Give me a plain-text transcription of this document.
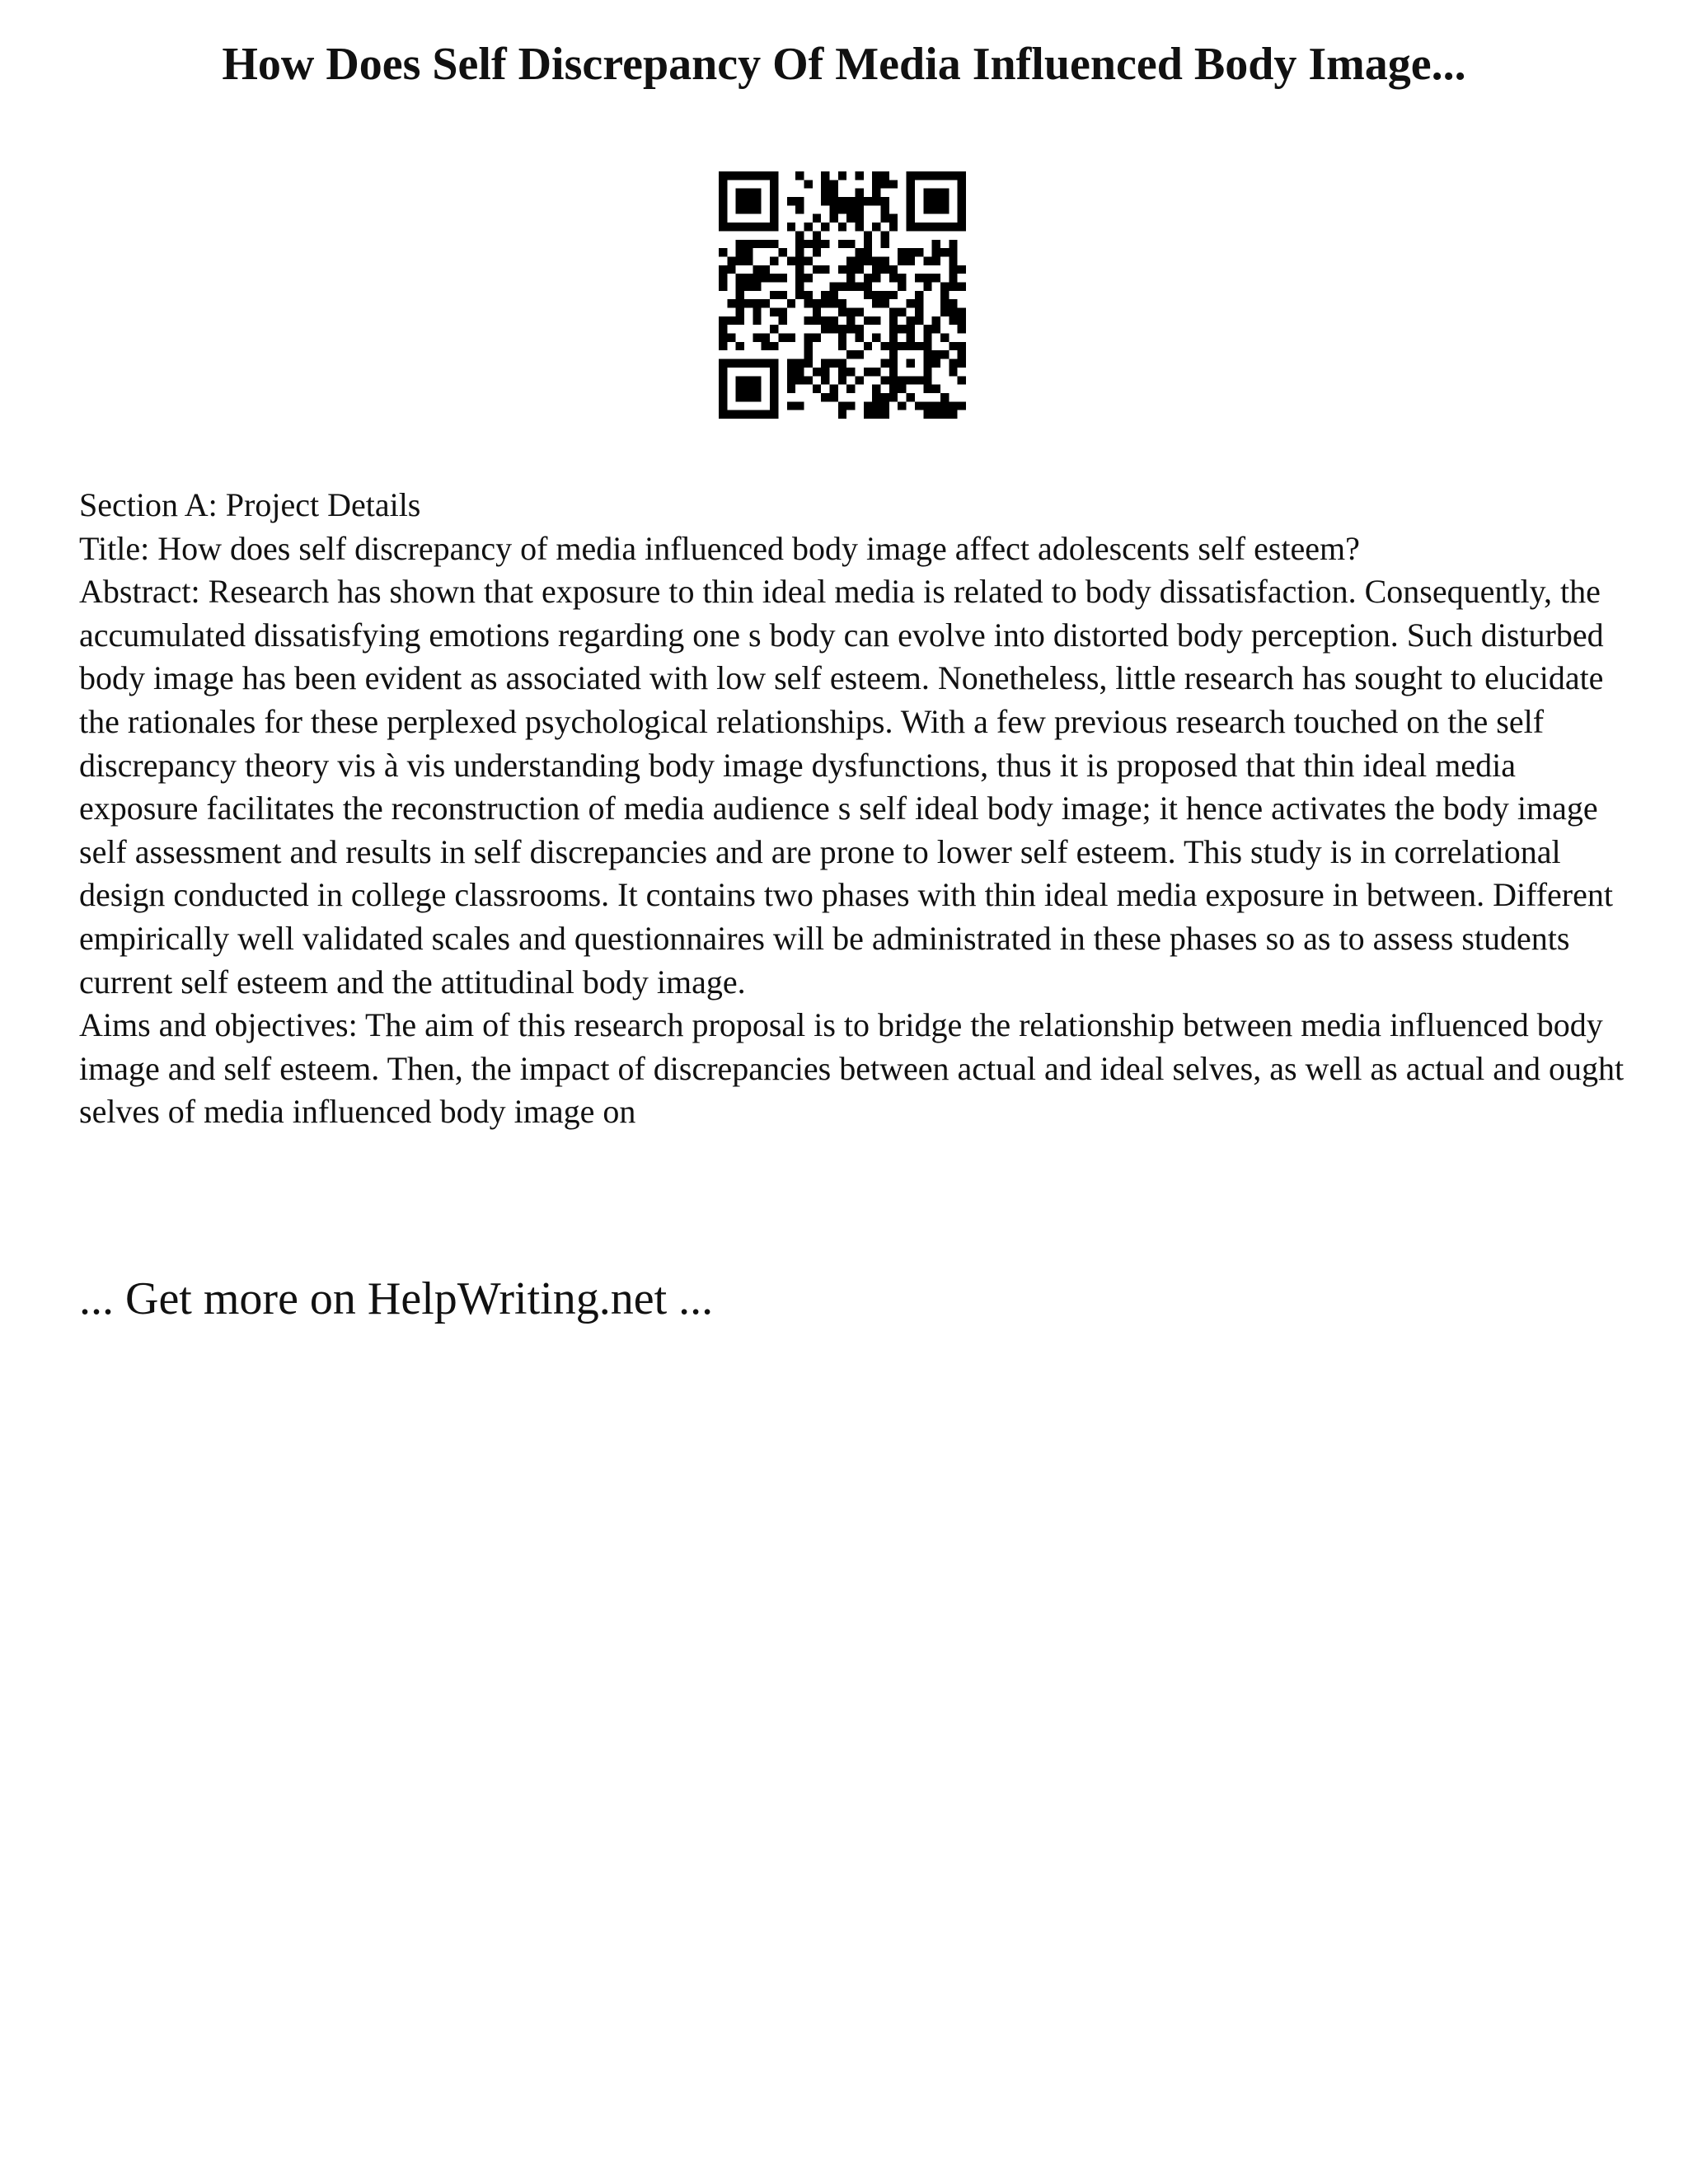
How Does Self Discrepancy Of Media Influenced Body Image...

Section A: Project Details

Title: How does self discrepancy of media influenced body image affect adolescents self esteem?

Abstract: Research has shown that exposure to thin ideal media is related to body dissatisfaction. Consequently, the accumulated dissatisfying emotions regarding one s body can evolve into distorted body perception. Such disturbed body image has been evident as associated with low self esteem. Nonetheless, little research has sought to elucidate the rationales for these perplexed psychological relationships. With a few previous research touched on the self discrepancy theory vis à vis understanding body image dysfunctions, thus it is proposed that thin ideal media exposure facilitates the reconstruction of media audience s self ideal body image; it hence activates the body image self assessment and results in self discrepancies and are prone to lower self esteem. This study is in correlational design conducted in college classrooms. It contains two phases with thin ideal media exposure in between. Different empirically well validated scales and questionnaires will be administrated in these phases so as to assess students current self esteem and the attitudinal body image.

Aims and objectives: The aim of this research proposal is to bridge the relationship between media influenced body image and self esteem. Then, the impact of discrepancies between actual and ideal selves, as well as actual and ought selves of media influenced body image on

... Get more on HelpWriting.net ...
